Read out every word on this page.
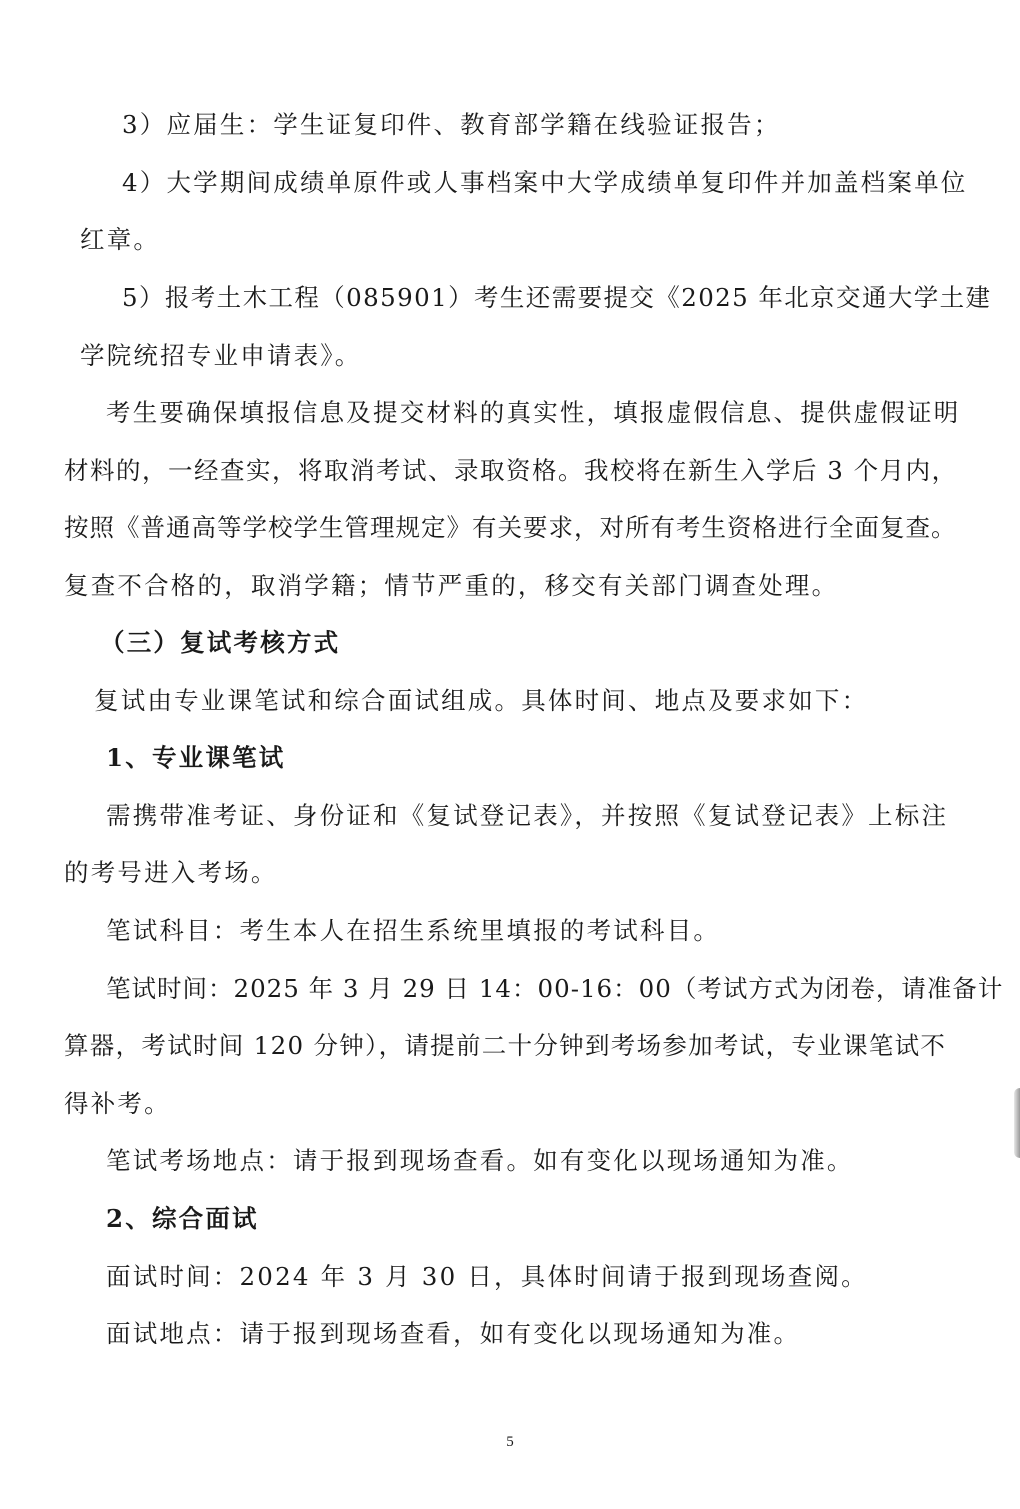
3）应届生：学生证复印件、教育部学籍在线验证报告；
4）大学期间成绩单原件或人事档案中大学成绩单复印件并加盖档案单位
红章。
5）报考土木工程（085901）考生还需要提交《2025 年北京交通大学土建
学院统招专业申请表》。
考生要确保填报信息及提交材料的真实性，填报虚假信息、提供虚假证明
材料的，一经查实，将取消考试、录取资格。我校将在新生入学后 3 个月内，
按照《普通高等学校学生管理规定》有关要求，对所有考生资格进行全面复查。
复查不合格的，取消学籍；情节严重的，移交有关部门调查处理。
（三）复试考核方式
复试由专业课笔试和综合面试组成。具体时间、地点及要求如下：
1、专业课笔试
需携带准考证、身份证和《复试登记表》，并按照《复试登记表》上标注
的考号进入考场。
笔试科目：考生本人在招生系统里填报的考试科目。
笔试时间：2025 年 3 月 29 日 14：00-16：00（考试方式为闭卷，请准备计
算器，考试时间 120 分钟），请提前二十分钟到考场参加考试，专业课笔试不
得补考。
笔试考场地点：请于报到现场查看。如有变化以现场通知为准。
2、综合面试
面试时间：2024 年 3 月 30 日，具体时间请于报到现场查阅。
面试地点：请于报到现场查看，如有变化以现场通知为准。
5
